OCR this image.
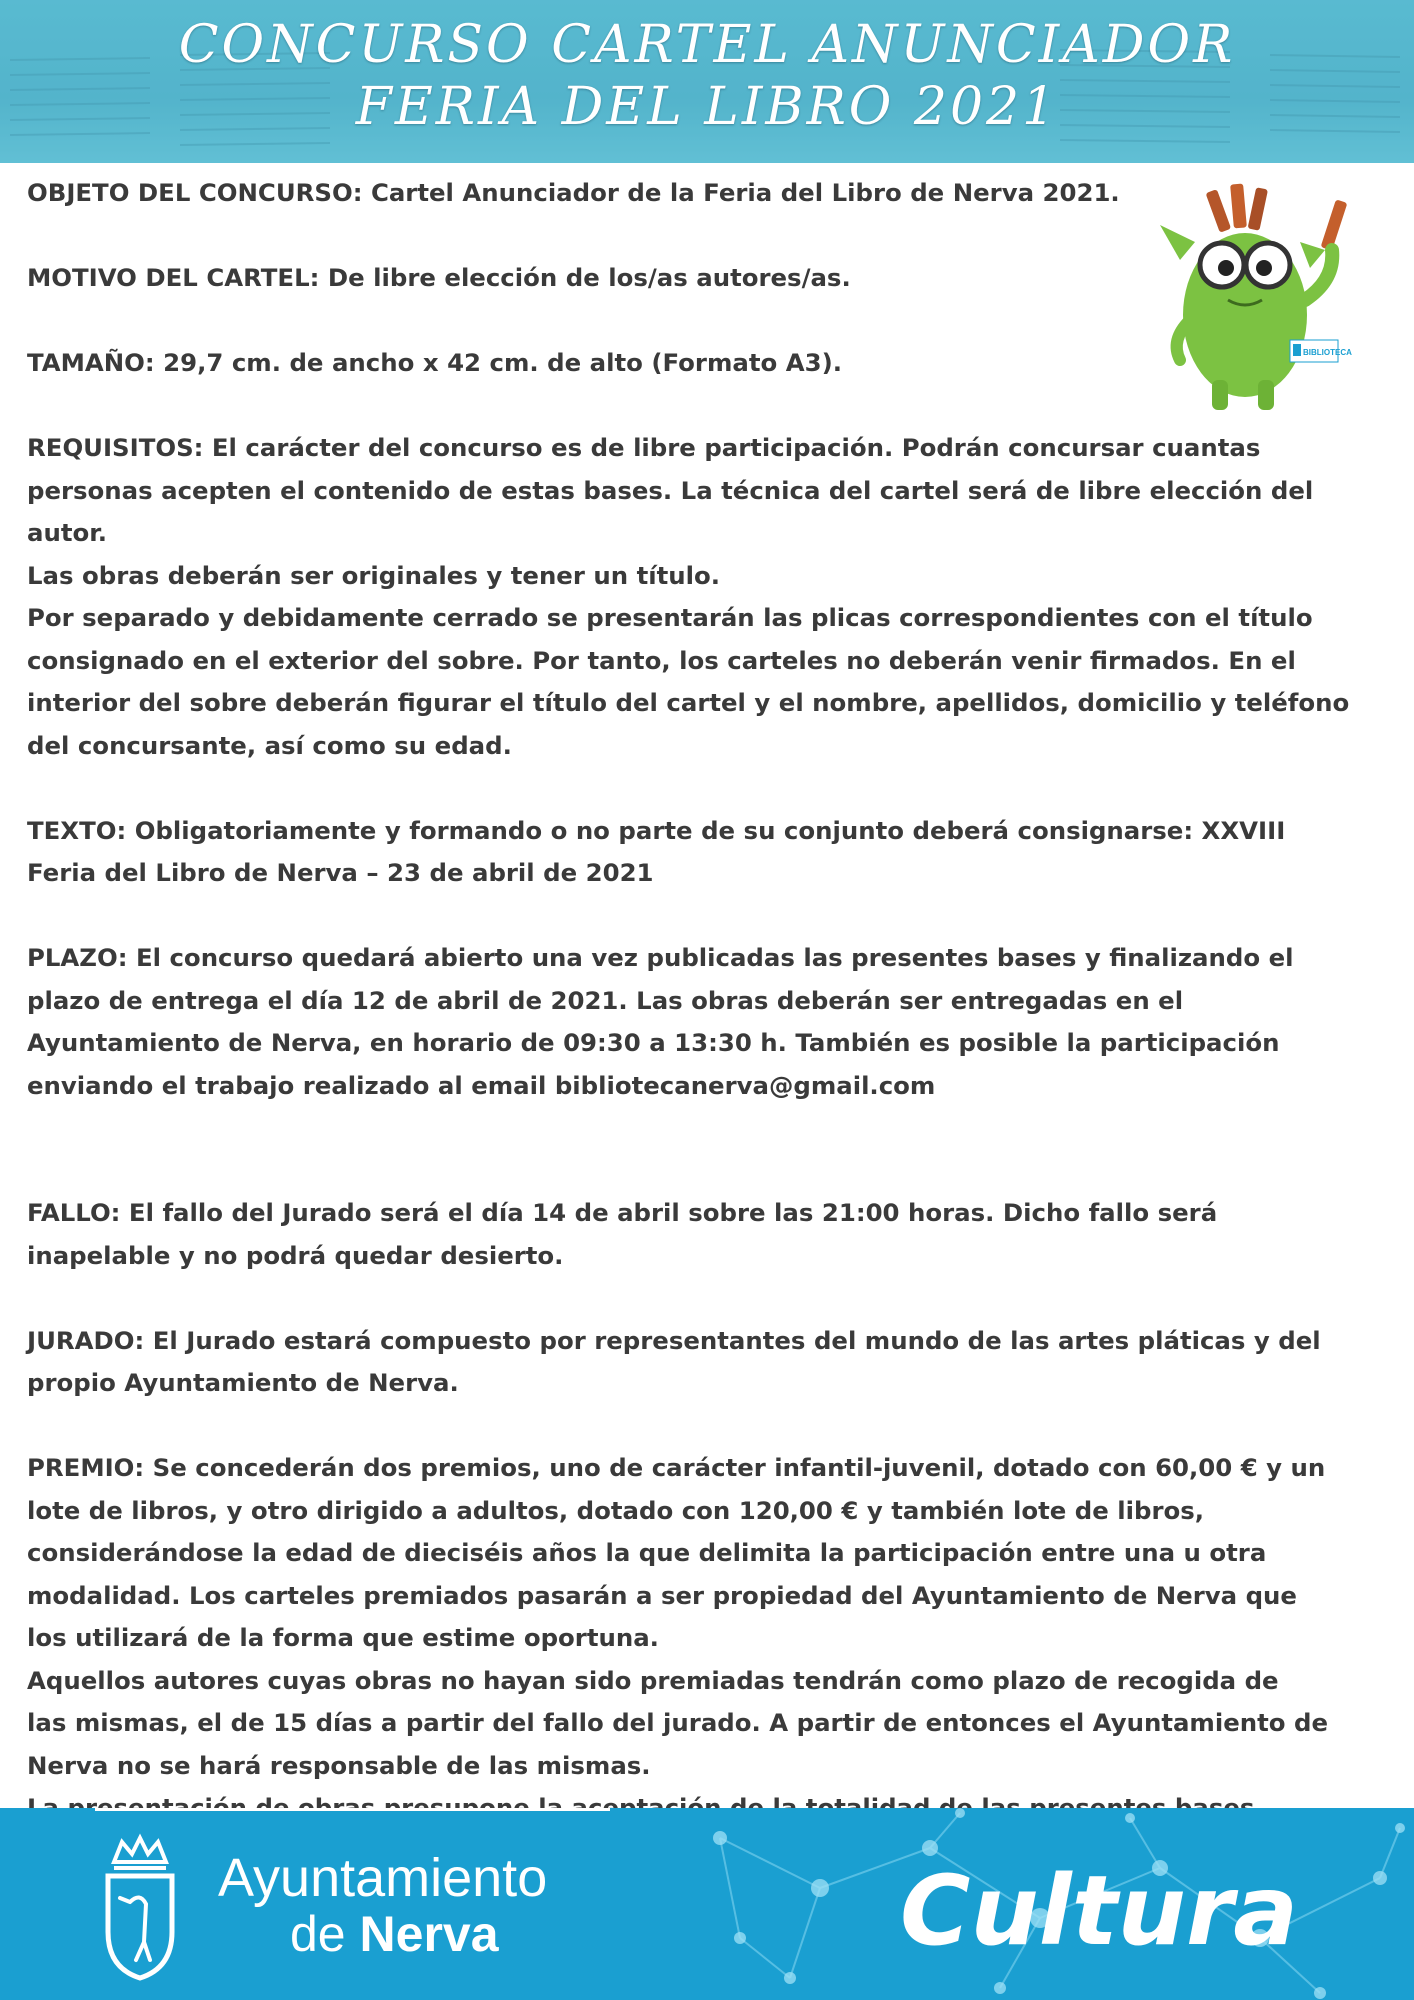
CONCURSO CARTEL ANUNCIADOR
FERIA DEL LIBRO 2021
BIBLIOTECA

OBJETO DEL CONCURSO: Cartel Anunciador de la Feria del Libro de Nerva 2021.

MOTIVO DEL CARTEL: De libre elección de los/as autores/as.

TAMAÑO: 29,7 cm. de ancho x 42 cm. de alto (Formato A3).

REQUISITOS: El carácter del concurso es de libre participación. Podrán concursar cuantas
personas acepten el contenido de estas bases. La técnica del cartel será de libre elección del
autor.
Las obras deberán ser originales y tener un título.
Por separado y debidamente cerrado se presentarán las plicas correspondientes con el título
consignado en el exterior del sobre. Por tanto, los carteles no deberán venir firmados. En el
interior del sobre deberán figurar el título del cartel y el nombre, apellidos, domicilio y teléfono
del concursante, así como su edad.

TEXTO: Obligatoriamente y formando o no parte de su conjunto deberá consignarse: XXVIII
Feria del Libro de Nerva – 23 de abril de 2021

PLAZO: El concurso quedará abierto una vez publicadas las presentes bases y finalizando el
plazo de entrega el día 12 de abril de 2021. Las obras deberán ser entregadas en el
Ayuntamiento de Nerva, en horario de 09:30 a 13:30 h. También es posible la participación
enviando el trabajo realizado al email bibliotecanerva@gmail.com

FALLO: El fallo del Jurado será el día 14 de abril sobre las 21:00 horas. Dicho fallo será
inapelable y no podrá quedar desierto.

JURADO: El Jurado estará compuesto por representantes del mundo de las artes pláticas y del
propio Ayuntamiento de Nerva.

PREMIO: Se concederán dos premios, uno de carácter infantil-juvenil, dotado con 60,00 € y un
lote de libros, y otro dirigido a adultos, dotado con 120,00 € y también lote de libros,
considerándose la edad de dieciséis años la que delimita la participación entre una u otra
modalidad. Los carteles premiados pasarán a ser propiedad del Ayuntamiento de Nerva que
los utilizará de la forma que estime oportuna.
Aquellos autores cuyas obras no hayan sido premiadas tendrán como plazo de recogida de
las mismas, el de 15 días a partir del fallo del jurado. A partir de entonces el Ayuntamiento de
Nerva no se hará responsable de las mismas.

Ayuntamiento
de Nerva	Cultura
